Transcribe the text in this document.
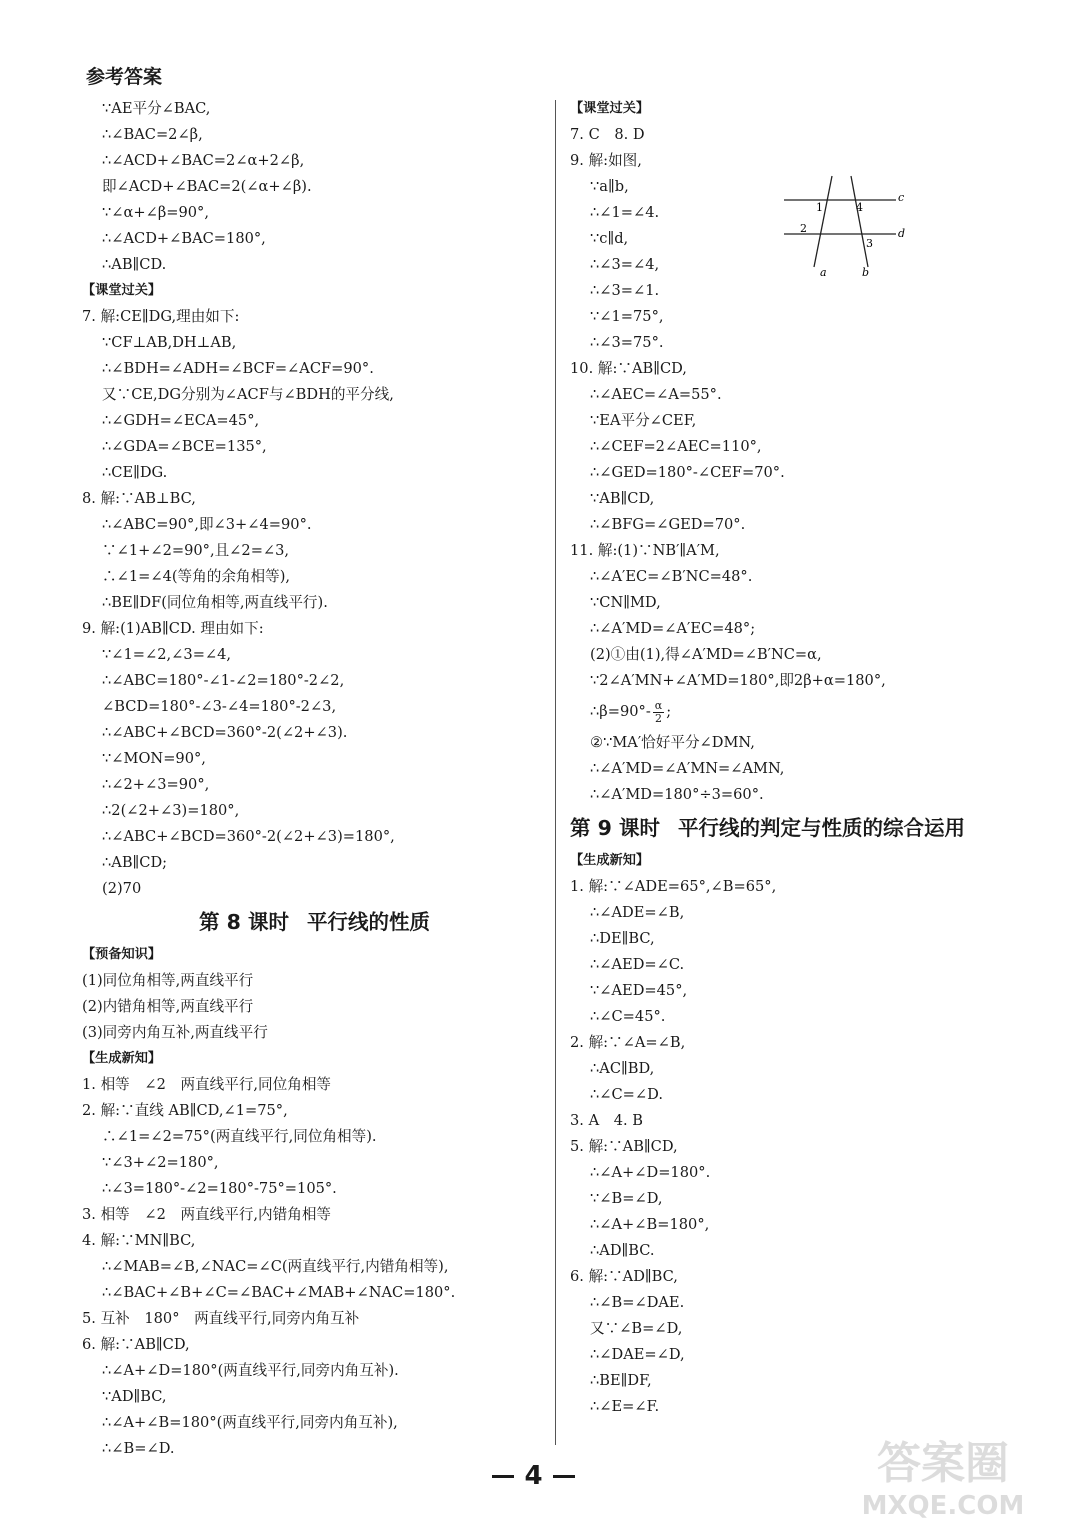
参考答案
∵AE平分∠BAC,
∴∠BAC=2∠β,
∴∠ACD+∠BAC=2∠α+2∠β,
即∠ACD+∠BAC=2(∠α+∠β).
∵∠α+∠β=90°,
∴∠ACD+∠BAC=180°,
∴AB∥CD.
【课堂过关】
7. 解:CE∥DG,理由如下:
∵CF⊥AB,DH⊥AB,
∴∠BDH=∠ADH=∠BCF=∠ACF=90°.
又∵CE,DG分别为∠ACF与∠BDH的平分线,
∴∠GDH=∠ECA=45°,
∴∠GDA=∠BCE=135°,
∴CE∥DG.
8. 解:∵AB⊥BC,
∴∠ABC=90°,即∠3+∠4=90°.
∵∠1+∠2=90°,且∠2=∠3,
∴∠1=∠4(等角的余角相等),
∴BE∥DF(同位角相等,两直线平行).
9. 解:(1)AB∥CD. 理由如下:
∵∠1=∠2,∠3=∠4,
∴∠ABC=180°-∠1-∠2=180°-2∠2,
∠BCD=180°-∠3-∠4=180°-2∠3,
∴∠ABC+∠BCD=360°-2(∠2+∠3).
∵∠MON=90°,
∴∠2+∠3=90°,
∴2(∠2+∠3)=180°,
∴∠ABC+∠BCD=360°-2(∠2+∠3)=180°,
∴AB∥CD;
(2)70
第 8 课时 平行线的性质
【预备知识】
(1)同位角相等,两直线平行
(2)内错角相等,两直线平行
(3)同旁内角互补,两直线平行
【生成新知】
1. 相等　∠2　两直线平行,同位角相等
2. 解:∵直线 AB∥CD,∠1=75°,
∴∠1=∠2=75°(两直线平行,同位角相等).
∵∠3+∠2=180°,
∴∠3=180°-∠2=180°-75°=105°.
3. 相等　∠2　两直线平行,内错角相等
4. 解:∵MN∥BC,
∴∠MAB=∠B,∠NAC=∠C(两直线平行,内错角相等),
∴∠BAC+∠B+∠C=∠BAC+∠MAB+∠NAC=180°.
5. 互补　180°　两直线平行,同旁内角互补
6. 解:∵AB∥CD,
∴∠A+∠D=180°(两直线平行,同旁内角互补).
∵AD∥BC,
∴∠A+∠B=180°(两直线平行,同旁内角互补),
∴∠B=∠D.
【课堂过关】
7. C　8. D
9. 解:如图,
∵a∥b,
∴∠1=∠4.
∵c∥d,
∴∠3=∠4,
∴∠3=∠1.
∵∠1=75°,
∴∠3=75°.
10. 解:∵AB∥CD,
∴∠AEC=∠A=55°.
∵EA平分∠CEF,
∴∠CEF=2∠AEC=110°,
∴∠GED=180°-∠CEF=70°.
∵AB∥CD,
∴∠BFG=∠GED=70°.
11. 解:(1)∵NB′∥A′M,
∴∠A′EC=∠B′NC=48°.
∵CN∥MD,
∴∠A′MD=∠A′EC=48°;
(2)①由(1),得∠A′MD=∠B′NC=α,
∵2∠A′MN+∠A′MD=180°,即2β+α=180°,
∴β=90°- $\frac{\alpha}{2}$ ;
②∵MA′恰好平分∠DMN,
∴∠A′MD=∠A′MN=∠AMN,
∴∠A′MD=180°÷3=60°.
第 9 课时 平行线的判定与性质的综合运用
【生成新知】
1. 解:∵∠ADE=65°,∠B=65°,
∴∠ADE=∠B,
∴DE∥BC,
∴∠AED=∠C.
∵∠AED=45°,
∴∠C=45°.
2. 解:∵∠A=∠B,
∴AC∥BD,
∴∠C=∠D.
3. A　4. B
5. 解:∵AB∥CD,
∴∠A+∠D=180°.
∵∠B=∠D,
∴∠A+∠B=180°,
∴AD∥BC.
6. 解:∵AD∥BC,
∴∠B=∠DAE.
又∵∠B=∠D,
∴∠DAE=∠D,
∴BE∥DF,
∴∠E=∠F.
1	4
2
3
c
d
a	b
4	答案圈
MXQE.COM
